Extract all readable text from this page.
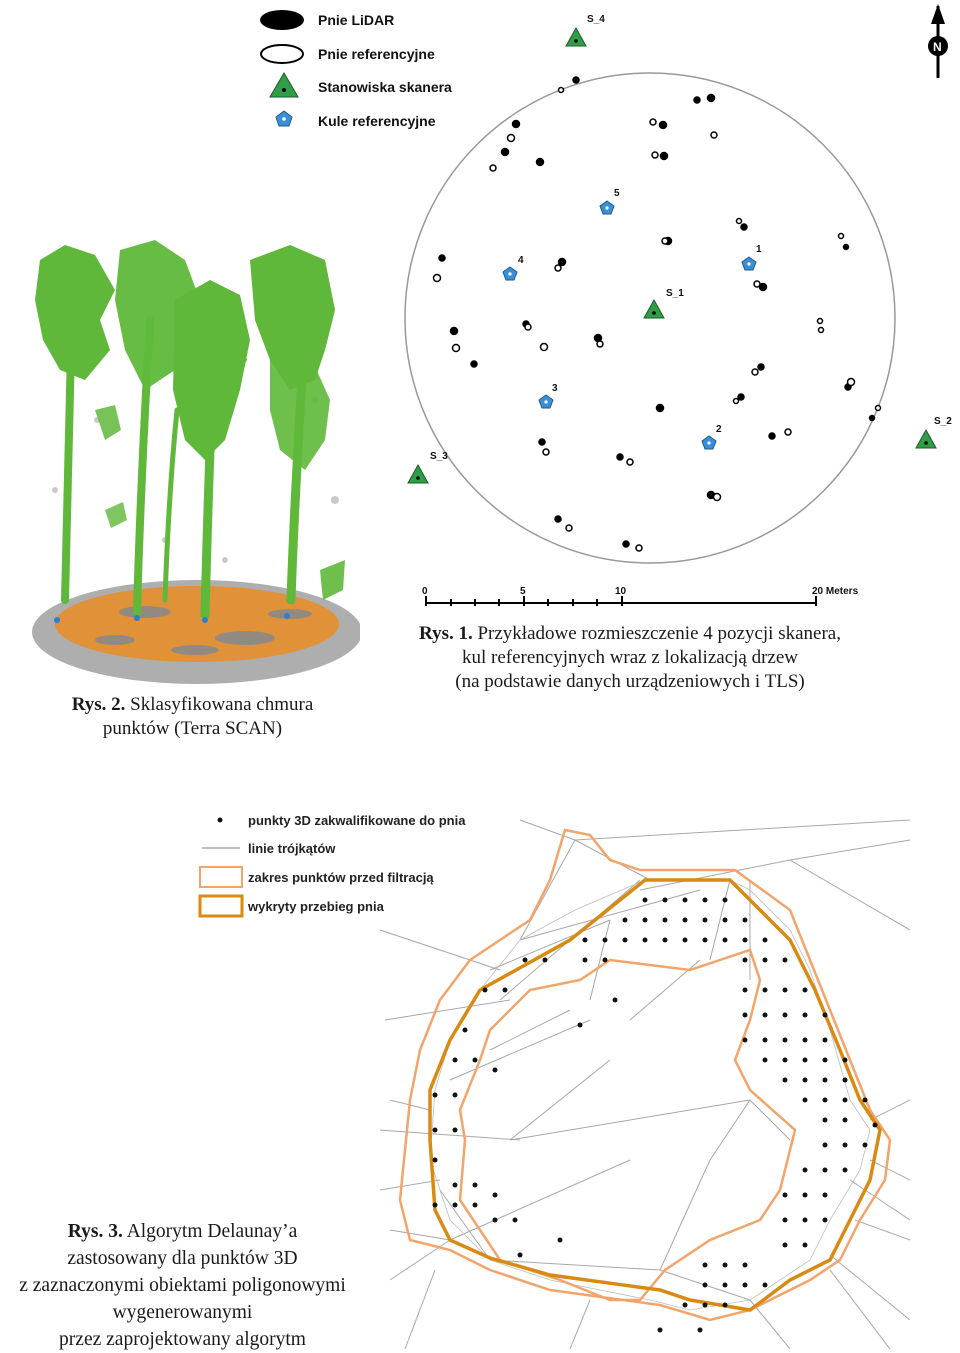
Rys. 2. Sklasyfikowana chmura
punktów (Terra SCAN)
Pnie LiDAR
Pnie referencyjne
Stanowiska skanera
Kule referencyjne
N
S_4
S_1
S_2
S_3
5
1
4
3
2
0	5	10	20 Meters
Rys. 1. Przykładowe rozmieszczenie 4 pozycji skanera,
kul referencyjnych wraz z lokalizacją drzew
(na podstawie danych urządzeniowych i TLS)
punkty 3D zakwalifikowane do pnia
linie trójkątów
zakres punktów przed filtracją
wykryty przebieg pnia
Rys. 3. Algorytm Delaunay’a
zastosowany dla punktów 3D
z zaznaczonymi obiektami poligonowymi
wygenerowanymi
przez zaprojektowany algorytm
